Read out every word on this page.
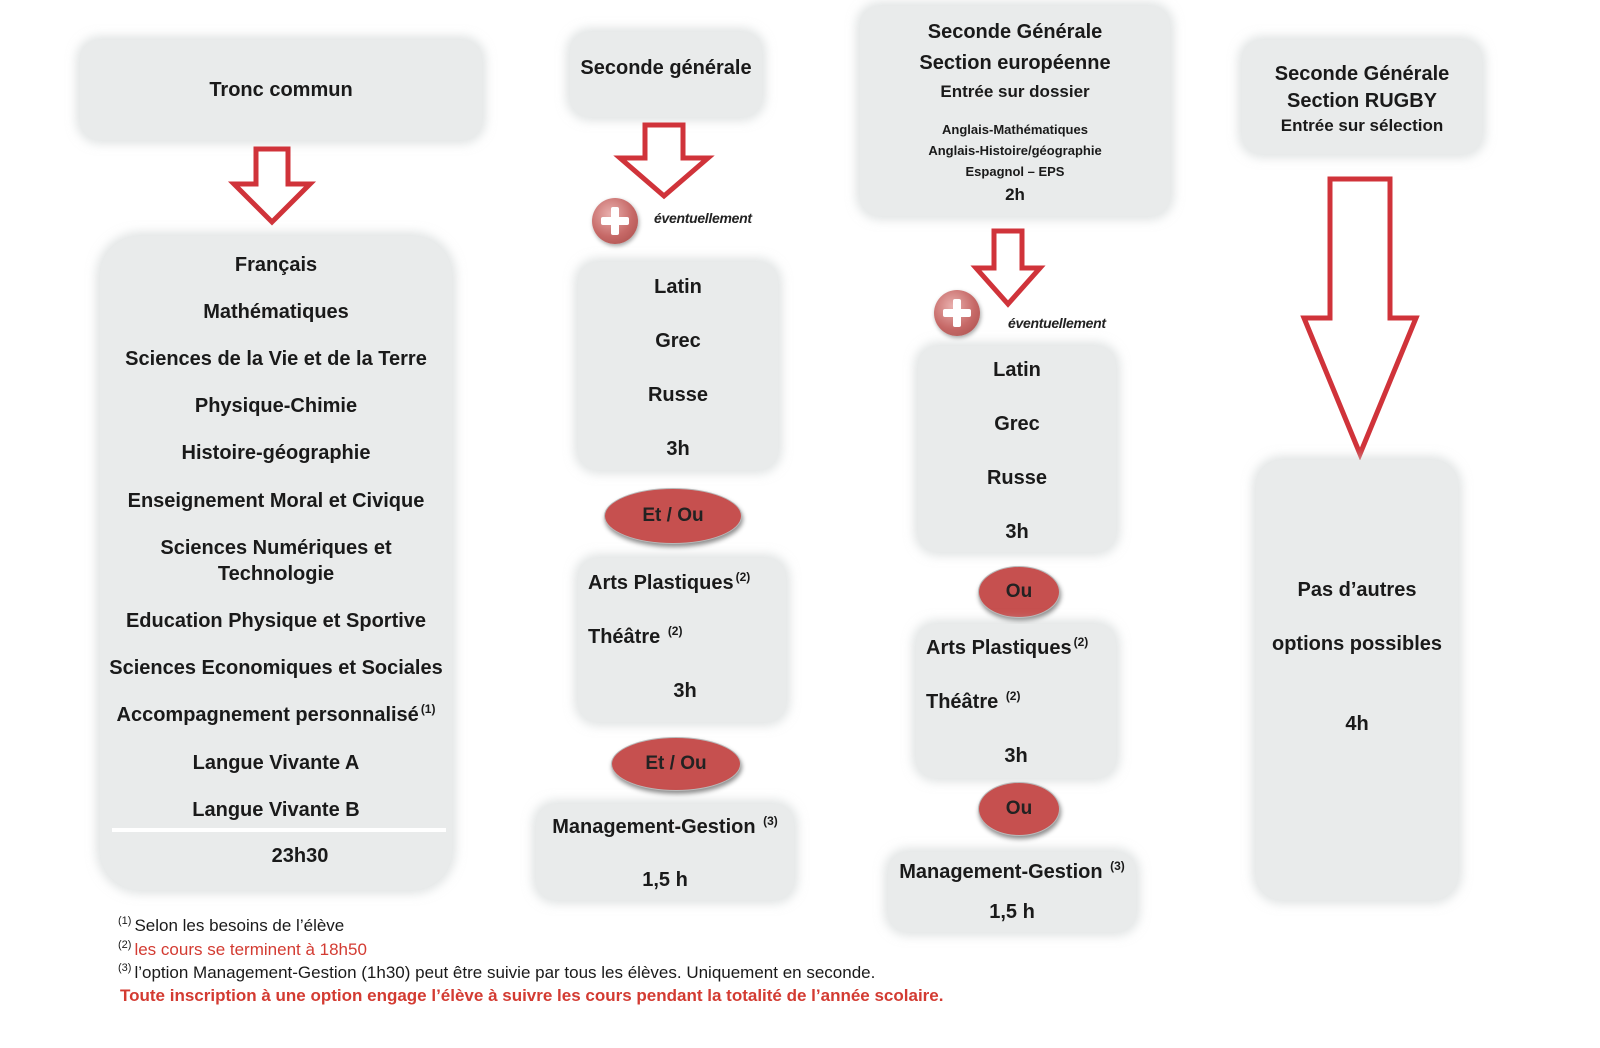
Tronc commun
Français
Mathématiques
Sciences de la Vie et de la Terre
Physique-Chimie
Histoire-géographie
Enseignement Moral et Civique
Sciences Numériques et
Technologie
Education Physique et Sportive
Sciences Economiques et Sociales
Accompagnement personnalisé $^{(1)}$
Langue Vivante A
Langue Vivante B
23h30
Seconde générale
éventuellement
Latin
Grec
Russe
3h
Et / Ou
Arts Plastiques $^{(2)}$
Théâtre $^{(2)}$
3h
Et / Ou
Management-Gestion $^{(3)}$
1,5 h
Seconde Générale
Section européenne
Entrée sur dossier
Anglais-Mathématiques
Anglais-Histoire/géographie
Espagnol – EPS
2h
éventuellement
Latin
Grec
Russe
3h
Ou
Arts Plastiques $^{(2)}$
Théâtre $^{(2)}$
3h
Ou
Management-Gestion $^{(3)}$
1,5 h
Seconde Générale
Section RUGBY
Entrée sur sélection
Pas d’autres
options possibles
4h
$^{(1)}$ Selon les besoins de l’élève
$^{(2)}$ les cours se terminent à 18h50
$^{(3)}$ l’option Management-Gestion (1h30) peut être suivie par tous les élèves. Uniquement en seconde.
Toute inscription à une option engage l’élève à suivre les cours pendant la totalité de l’année scolaire.
